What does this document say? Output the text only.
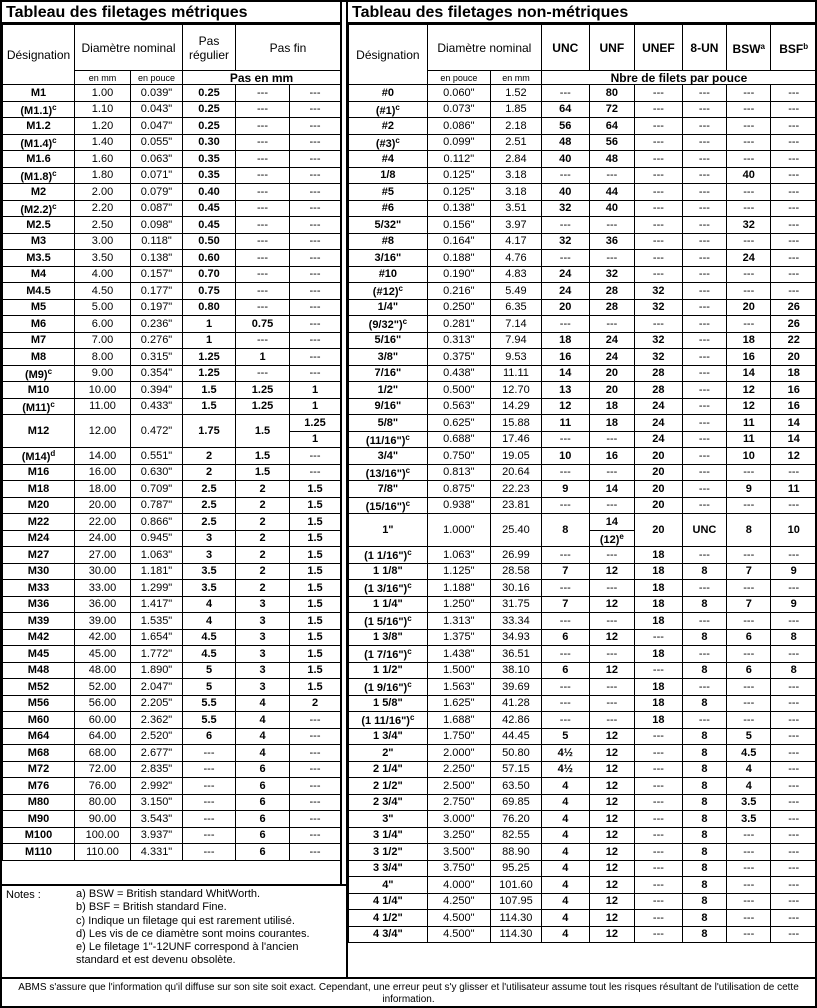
Tableau des filetages métriques
Désignation	Diamètre nominal		Pas régulier	Pas fin	
	en mm	en pouce	Pas en mm		
M1	1.00	0.039"	0.25	---	---
$(M1.1)^c$	1.10	0.043"	0.25	---	---
M1.2	1.20	0.047"	0.25	---	---
$(M1.4)^c$	1.40	0.055"	0.30	---	---
M1.6	1.60	0.063"	0.35	---	---
$(M1.8)^c$	1.80	0.071"	0.35	---	---
M2	2.00	0.079"	0.40	---	---
$(M2.2)^c$	2.20	0.087"	0.45	---	---
M2.5	2.50	0.098"	0.45	---	---
M3	3.00	0.118"	0.50	---	---
M3.5	3.50	0.138"	0.60	---	---
M4	4.00	0.157"	0.70	---	---
M4.5	4.50	0.177"	0.75	---	---
M5	5.00	0.197"	0.80	---	---
M6	6.00	0.236"	1	0.75	---
M7	7.00	0.276"	1	---	---
M8	8.00	0.315"	1.25	1	---
$(M9)^c$	9.00	0.354"	1.25	---	---
M10	10.00	0.394"	1.5	1.25	1
$(M11)^c$	11.00	0.433"	1.5	1.25	1
M12	12.00	0.472"	1.75	1.5	1.25
					1
$(M14)^d$	14.00	0.551"	2	1.5	---
M16	16.00	0.630"	2	1.5	---
M18	18.00	0.709"	2.5	2	1.5
M20	20.00	0.787"	2.5	2	1.5
M22	22.00	0.866"	2.5	2	1.5
M24	24.00	0.945"	3	2	1.5
M27	27.00	1.063"	3	2	1.5
M30	30.00	1.181"	3.5	2	1.5
M33	33.00	1.299"	3.5	2	1.5
M36	36.00	1.417"	4	3	1.5
M39	39.00	1.535"	4	3	1.5
M42	42.00	1.654"	4.5	3	1.5
M45	45.00	1.772"	4.5	3	1.5
M48	48.00	1.890"	5	3	1.5
M52	52.00	2.047"	5	3	1.5
M56	56.00	2.205"	5.5	4	2
M60	60.00	2.362"	5.5	4	---
M64	64.00	2.520"	6	4	---
M68	68.00	2.677"	---	4	---
M72	72.00	2.835"	---	6	---
M76	76.00	2.992"	---	6	---
M80	80.00	3.150"	---	6	---
M90	90.00	3.543"	---	6	---
M100	100.00	3.937"	---	6	---
M110	110.00	4.331"	---	6	---
Tableau des filetages non-métriques
Désignation	Diamètre nominal		UNC	UNF	UNEF	8-UN	BSW$^a$	BSF$^b$
	en pouce	en mm	Nbre de filets par pouce					
#0	0.060"	1.52	---	80	---	---	---	---
(#1)$^c$	0.073"	1.85	64	72	---	---	---	---
#2	0.086"	2.18	56	64	---	---	---	---
(#3)$^c$	0.099"	2.51	48	56	---	---	---	---
#4	0.112"	2.84	40	48	---	---	---	---
1/8	0.125"	3.18	---	---	---	---	40	---
#5	0.125"	3.18	40	44	---	---	---	---
#6	0.138"	3.51	32	40	---	---	---	---
5/32"	0.156"	3.97	---	---	---	---	32	---
#8	0.164"	4.17	32	36	---	---	---	---
3/16"	0.188"	4.76	---	---	---	---	24	---
#10	0.190"	4.83	24	32	---	---	---	---
(#12)$^c$	0.216"	5.49	24	28	32	---	---	---
1/4"	0.250"	6.35	20	28	32	---	20	26
(9/32")$^c$	0.281"	7.14	---	---	---	---	---	26
5/16"	0.313"	7.94	18	24	32	---	18	22
3/8"	0.375"	9.53	16	24	32	---	16	20
7/16"	0.438"	11.11	14	20	28	---	14	18
1/2"	0.500"	12.70	13	20	28	---	12	16
9/16"	0.563"	14.29	12	18	24	---	12	16
5/8"	0.625"	15.88	11	18	24	---	11	14
(11/16")$^c$	0.688"	17.46	---	---	24	---	11	14
3/4"	0.750"	19.05	10	16	20	---	10	12
(13/16")$^c$	0.813"	20.64	---	---	20	---	---	---
7/8"	0.875"	22.23	9	14	20	---	9	11
(15/16")$^c$	0.938"	23.81	---	---	20	---	---	---
1"	1.000"	25.40	8	14	20	UNC	8	10
				$(12)^e$
(1 1/16")$^c$	1.063"	26.99	---	---	18	---	---	---
1 1/8"	1.125"	28.58	7	12	18	8	7	9
(1 3/16")$^c$	1.188"	30.16	---	---	18	---	---	---
1 1/4"	1.250"	31.75	7	12	18	8	7	9
(1 5/16")$^c$	1.313"	33.34	---	---	18	---	---	---
1 3/8"	1.375"	34.93	6	12	---	8	6	8
(1 7/16")$^c$	1.438"	36.51	---	---	18	---	---	---
1 1/2"	1.500"	38.10	6	12	---	8	6	8
(1 9/16")$^c$	1.563"	39.69	---	---	18	---	---	---
1 5/8"	1.625"	41.28	---	---	18	8	---	---
(1 11/16")$^c$	1.688"	42.86	---	---	18	---	---	---
1 3/4"	1.750"	44.45	5	12	---	8	5	---
2"	2.000"	50.80	4½	12	---	8	4.5	---
2 1/4"	2.250"	57.15	4½	12	---	8	4	---
2 1/2"	2.500"	63.50	4	12	---	8	4	---
2 3/4"	2.750"	69.85	4	12	---	8	3.5	---
3"	3.000"	76.20	4	12	---	8	3.5	---
3 1/4"	3.250"	82.55	4	12	---	8	---	---
3 1/2"	3.500"	88.90	4	12	---	8	---	---
3 3/4"	3.750"	95.25	4	12	---	8	---	---
4"	4.000"	101.60	4	12	---	8	---	---
4 1/4"	4.250"	107.95	4	12	---	8	---	---
4 1/2"	4.500"	114.30	4	12	---	8	---	---
4 3/4"	4.500"	114.30	4	12	---	8	---	---
Notes :	a) BSW = British standard WhitWorth.
b) BSF = British standard Fine.
c) Indique un filetage qui est rarement utilisé.
d) Les vis de ce diamètre sont moins courantes.
e) Le filetage 1"-12UNF correspond à l'ancien standard et est devenu obsolète.
ABMS s'assure que l'information qu'il diffuse sur son site soit exact. Cependant, une erreur peut s'y glisser et l'utilisateur assume tout les risques résultant de l'utilisation de cette information.
